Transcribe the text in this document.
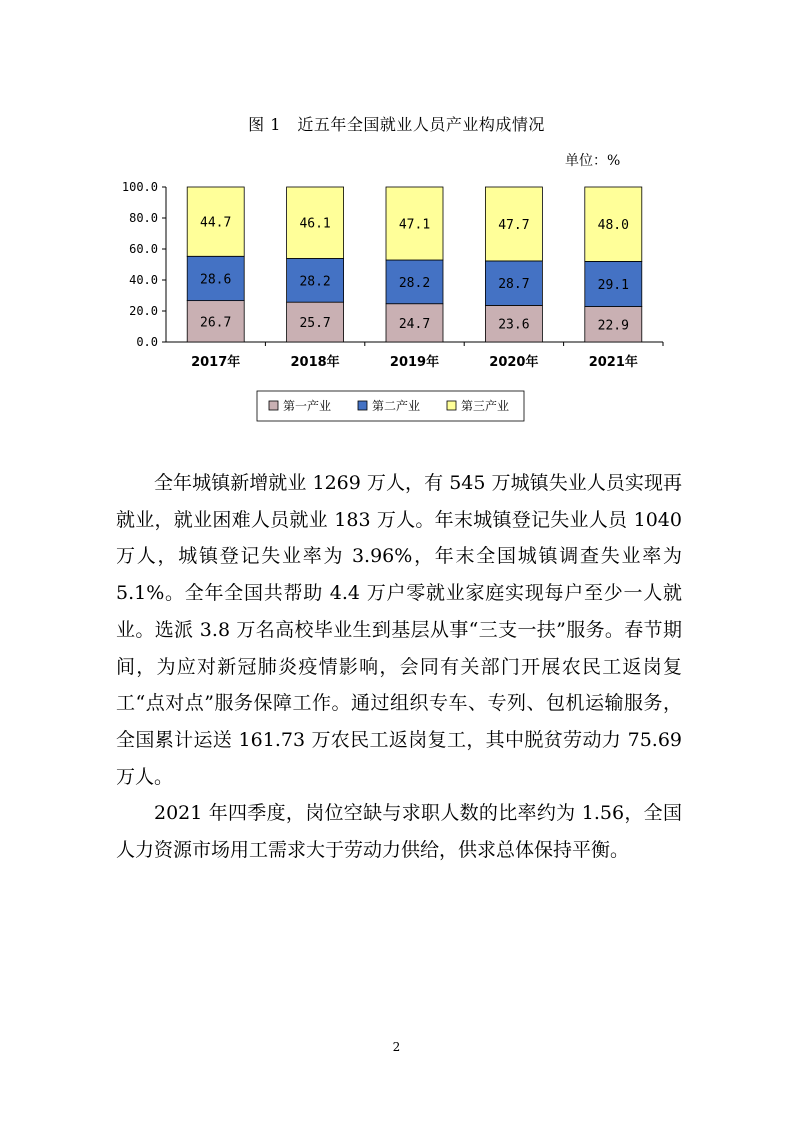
图 1　近五年全国就业人员产业构成情况
单位：%
0.0
20.0
40.0
60.0
80.0
100.0
26.7
28.6
44.7
2017年
25.7
28.2
46.1
2018年
24.7
28.2
47.1
2019年
23.6
28.7
47.7
2020年
22.9
29.1
48.0
2021年
第一产业	第二产业	第三产业

全年城镇新增就业 1269 万人，有 545 万城镇失业人员实现再就业，就业困难人员就业 183 万人。年末城镇登记失业人员 1040 万人，城镇登记失业率为 3.96%，年末全国城镇调查失业率为 5.1%。全年全国共帮助 4.4 万户零就业家庭实现每户至少一人就业。选派 3.8 万名高校毕业生到基层从事“三支一扶”服务。春节期间，为应对新冠肺炎疫情影响，会同有关部门开展农民工返岗复工“点对点”服务保障工作。通过组织专车、专列、包机运输服务，全国累计运送 161.73 万农民工返岗复工，其中脱贫劳动力 75.69 万人。

2021 年四季度，岗位空缺与求职人数的比率约为 1.56，全国人力资源市场用工需求大于劳动力供给，供求总体保持平衡。

2
